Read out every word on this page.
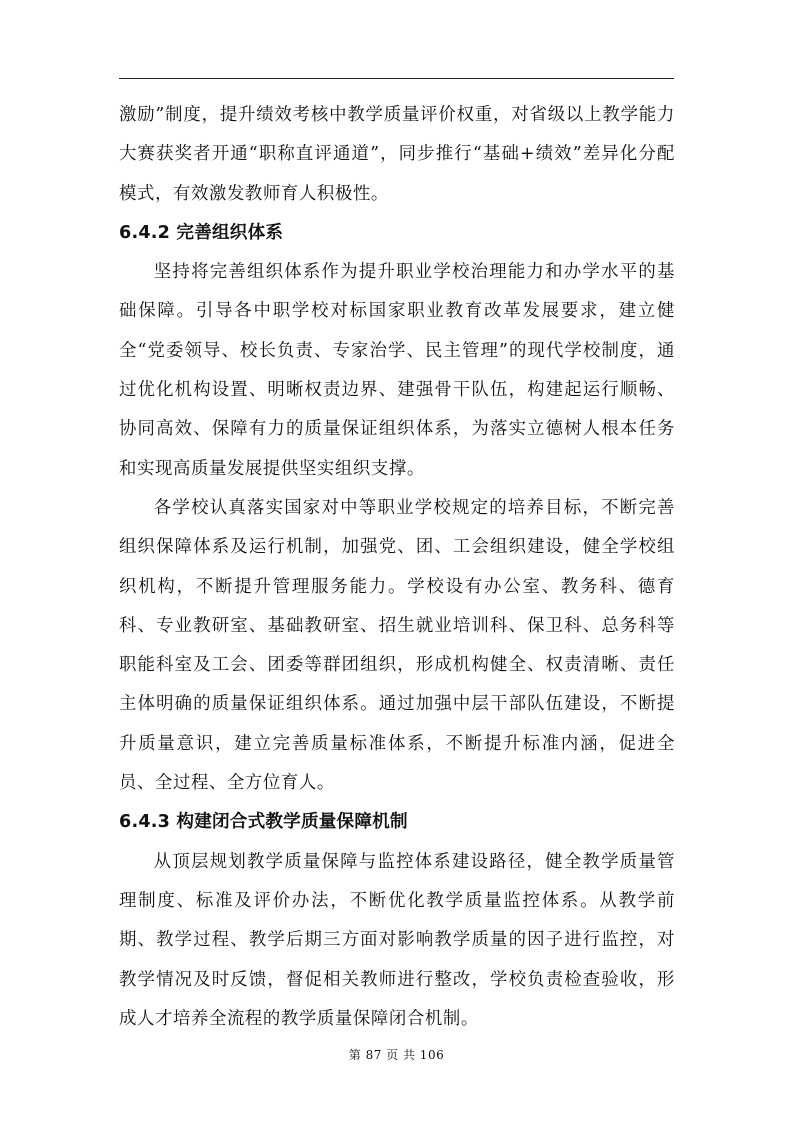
激励”制度，提升绩效考核中教学质量评价权重，对省级以上教学能力大赛获奖者开通“职称直评通道”，同步推行“基础+绩效”差异化分配模式，有效激发教师育人积极性。

6.4.2 完善组织体系

坚持将完善组织体系作为提升职业学校治理能力和办学水平的基础保障。引导各中职学校对标国家职业教育改革发展要求，建立健全“党委领导、校长负责、专家治学、民主管理”的现代学校制度，通过优化机构设置、明晰权责边界、建强骨干队伍，构建起运行顺畅、协同高效、保障有力的质量保证组织体系，为落实立德树人根本任务和实现高质量发展提供坚实组织支撑。

各学校认真落实国家对中等职业学校规定的培养目标，不断完善组织保障体系及运行机制，加强党、团、工会组织建设，健全学校组织机构，不断提升管理服务能力。学校设有办公室、教务科、德育科、专业教研室、基础教研室、招生就业培训科、保卫科、总务科等职能科室及工会、团委等群团组织，形成机构健全、权责清晰、责任主体明确的质量保证组织体系。通过加强中层干部队伍建设，不断提升质量意识，建立完善质量标准体系，不断提升标准内涵，促进全员、全过程、全方位育人。

6.4.3 构建闭合式教学质量保障机制

从顶层规划教学质量保障与监控体系建设路径，健全教学质量管理制度、标准及评价办法，不断优化教学质量监控体系。从教学前期、教学过程、教学后期三方面对影响教学质量的因子进行监控，对教学情况及时反馈，督促相关教师进行整改，学校负责检查验收，形成人才培养全流程的教学质量保障闭合机制。

第 87 页 共 106
